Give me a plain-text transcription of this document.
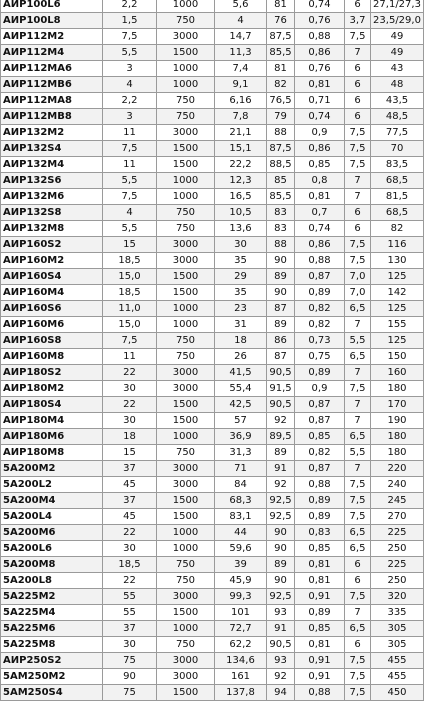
АИР100L6	2,2	1000	5,6	81	0,74	6	27,1/27,3
АИР100L8	1,5	750	4	76	0,76	3,7	23,5/29,0
АИР112М2	7,5	3000	14,7	87,5	0,88	7,5	49
АИР112М4	5,5	1500	11,3	85,5	0,86	7	49
АИР112МА6	3	1000	7,4	81	0,76	6	43
АИР112МВ6	4	1000	9,1	82	0,81	6	48
АИР112МА8	2,2	750	6,16	76,5	0,71	6	43,5
АИР112МВ8	3	750	7,8	79	0,74	6	48,5
АИР132М2	11	3000	21,1	88	0,9	7,5	77,5
АИР132S4	7,5	1500	15,1	87,5	0,86	7,5	70
АИР132М4	11	1500	22,2	88,5	0,85	7,5	83,5
АИР132S6	5,5	1000	12,3	85	0,8	7	68,5
АИР132М6	7,5	1000	16,5	85,5	0,81	7	81,5
АИР132S8	4	750	10,5	83	0,7	6	68,5
АИР132М8	5,5	750	13,6	83	0,74	6	82
АИР160S2	15	3000	30	88	0,86	7,5	116
АИР160М2	18,5	3000	35	90	0,88	7,5	130
АИР160S4	15,0	1500	29	89	0,87	7,0	125
АИР160М4	18,5	1500	35	90	0,89	7,0	142
АИР160S6	11,0	1000	23	87	0,82	6,5	125
АИР160М6	15,0	1000	31	89	0,82	7	155
АИР160S8	7,5	750	18	86	0,73	5,5	125
АИР160М8	11	750	26	87	0,75	6,5	150
АИР180S2	22	3000	41,5	90,5	0,89	7	160
АИР180М2	30	3000	55,4	91,5	0,9	7,5	180
АИР180S4	22	1500	42,5	90,5	0,87	7	170
АИР180М4	30	1500	57	92	0,87	7	190
АИР180М6	18	1000	36,9	89,5	0,85	6,5	180
АИР180М8	15	750	31,3	89	0,82	5,5	180
5А200М2	37	3000	71	91	0,87	7	220
5А200L2	45	3000	84	92	0,88	7,5	240
5А200М4	37	1500	68,3	92,5	0,89	7,5	245
5А200L4	45	1500	83,1	92,5	0,89	7,5	270
5А200М6	22	1000	44	90	0,83	6,5	225
5А200L6	30	1000	59,6	90	0,85	6,5	250
5А200М8	18,5	750	39	89	0,81	6	225
5А200L8	22	750	45,9	90	0,81	6	250
5А225М2	55	3000	99,3	92,5	0,91	7,5	320
5А225М4	55	1500	101	93	0,89	7	335
5А225М6	37	1000	72,7	91	0,85	6,5	305
5А225М8	30	750	62,2	90,5	0,81	6	305
АИР250S2	75	3000	134,6	93	0,91	7,5	455
5АМ250М2	90	3000	161	92	0,91	7,5	455
5АМ250S4	75	1500	137,8	94	0,88	7,5	450
